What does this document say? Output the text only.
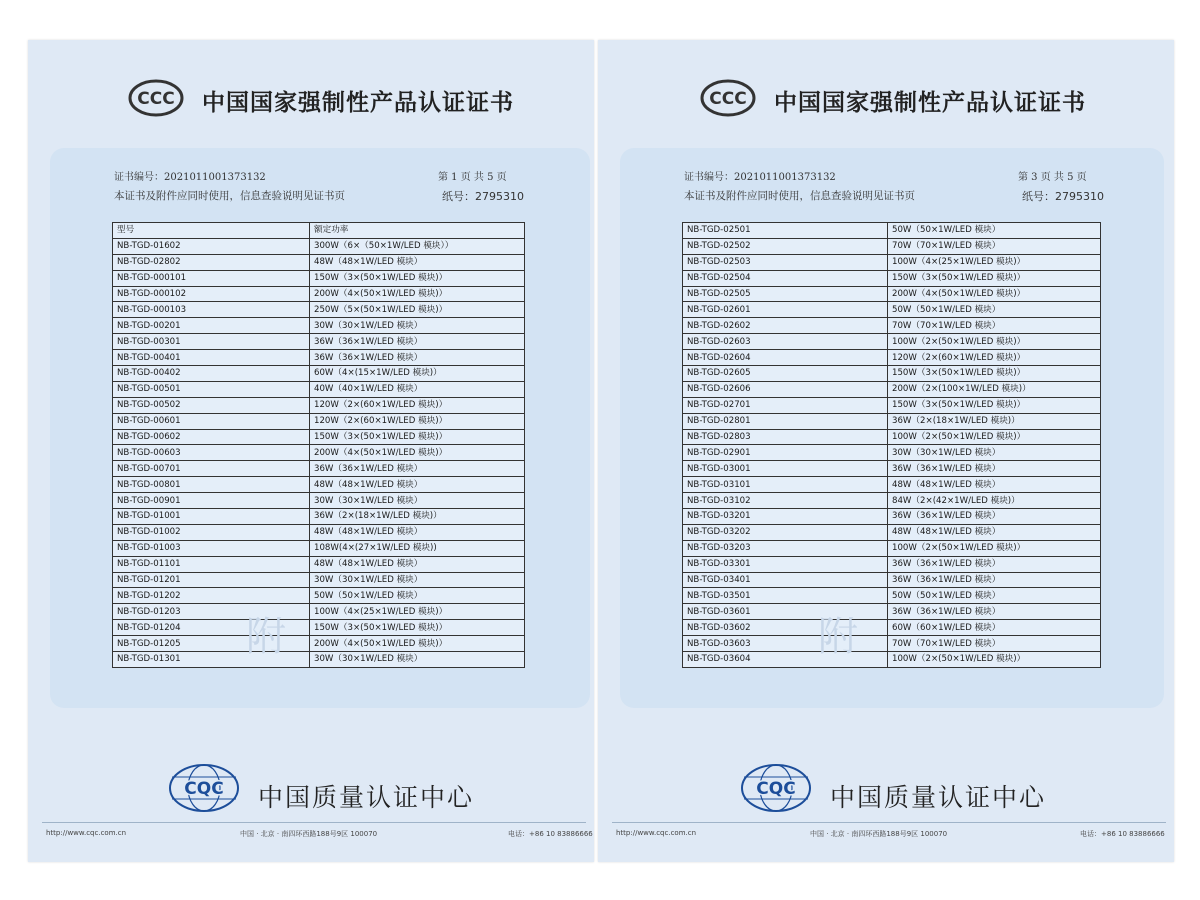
CCC 中国国家强制性产品认证证书
证书编号：2021011001373132	第 1 页 共 5 页
本证书及附件应同时使用，信息查验说明见证书页	纸号：2795310
型号	额定功率
NB-TGD-01602	300W（6×（50×1W/LED 模块））
NB-TGD-02802	48W（48×1W/LED 模块）
NB-TGD-000101	150W（3×(50×1W/LED 模块)）
NB-TGD-000102	200W（4×(50×1W/LED 模块)）
NB-TGD-000103	250W（5×(50×1W/LED 模块)）
NB-TGD-00201	30W（30×1W/LED 模块）
NB-TGD-00301	36W（36×1W/LED 模块）
NB-TGD-00401	36W（36×1W/LED 模块）
NB-TGD-00402	60W（4×(15×1W/LED 模块)）
NB-TGD-00501	40W（40×1W/LED 模块）
NB-TGD-00502	120W（2×(60×1W/LED 模块)）
NB-TGD-00601	120W（2×(60×1W/LED 模块)）
NB-TGD-00602	150W（3×(50×1W/LED 模块)）
NB-TGD-00603	200W（4×(50×1W/LED 模块)）
NB-TGD-00701	36W（36×1W/LED 模块）
NB-TGD-00801	48W（48×1W/LED 模块）
NB-TGD-00901	30W（30×1W/LED 模块）
NB-TGD-01001	36W（2×(18×1W/LED 模块)）
NB-TGD-01002	48W（48×1W/LED 模块）
NB-TGD-01003	108W(4×(27×1W/LED 模块))
NB-TGD-01101	48W（48×1W/LED 模块）
NB-TGD-01201	30W（30×1W/LED 模块）
NB-TGD-01202	50W（50×1W/LED 模块）
NB-TGD-01203	100W（4×(25×1W/LED 模块)）
NB-TGD-01204	150W（3×(50×1W/LED 模块)）
NB-TGD-01205	200W（4×(50×1W/LED 模块)）
NB-TGD-01301	30W（30×1W/LED 模块）
附
CQC 中国质量认证中心
http://www.cqc.com.cn	中国 · 北京 · 南四环西路188号9区 100070	电话：+86 10 83886666
CCC 中国国家强制性产品认证证书
证书编号：2021011001373132	第 3 页 共 5 页
本证书及附件应同时使用，信息查验说明见证书页	纸号：2795310
NB-TGD-02501	50W（50×1W/LED 模块）
NB-TGD-02502	70W（70×1W/LED 模块）
NB-TGD-02503	100W（4×(25×1W/LED 模块)）
NB-TGD-02504	150W（3×(50×1W/LED 模块)）
NB-TGD-02505	200W（4×(50×1W/LED 模块)）
NB-TGD-02601	50W（50×1W/LED 模块）
NB-TGD-02602	70W（70×1W/LED 模块）
NB-TGD-02603	100W（2×(50×1W/LED 模块)）
NB-TGD-02604	120W（2×(60×1W/LED 模块)）
NB-TGD-02605	150W（3×(50×1W/LED 模块)）
NB-TGD-02606	200W（2×(100×1W/LED 模块)）
NB-TGD-02701	150W（3×(50×1W/LED 模块)）
NB-TGD-02801	36W（2×(18×1W/LED 模块)）
NB-TGD-02803	100W（2×(50×1W/LED 模块)）
NB-TGD-02901	30W（30×1W/LED 模块）
NB-TGD-03001	36W（36×1W/LED 模块）
NB-TGD-03101	48W（48×1W/LED 模块）
NB-TGD-03102	84W（2×(42×1W/LED 模块)）
NB-TGD-03201	36W（36×1W/LED 模块）
NB-TGD-03202	48W（48×1W/LED 模块）
NB-TGD-03203	100W（2×(50×1W/LED 模块)）
NB-TGD-03301	36W（36×1W/LED 模块）
NB-TGD-03401	36W（36×1W/LED 模块）
NB-TGD-03501	50W（50×1W/LED 模块）
NB-TGD-03601	36W（36×1W/LED 模块）
NB-TGD-03602	60W（60×1W/LED 模块）
NB-TGD-03603	70W（70×1W/LED 模块）
NB-TGD-03604	100W（2×(50×1W/LED 模块)）
附
CQC 中国质量认证中心
http://www.cqc.com.cn	中国 · 北京 · 南四环西路188号9区 100070	电话：+86 10 83886666
